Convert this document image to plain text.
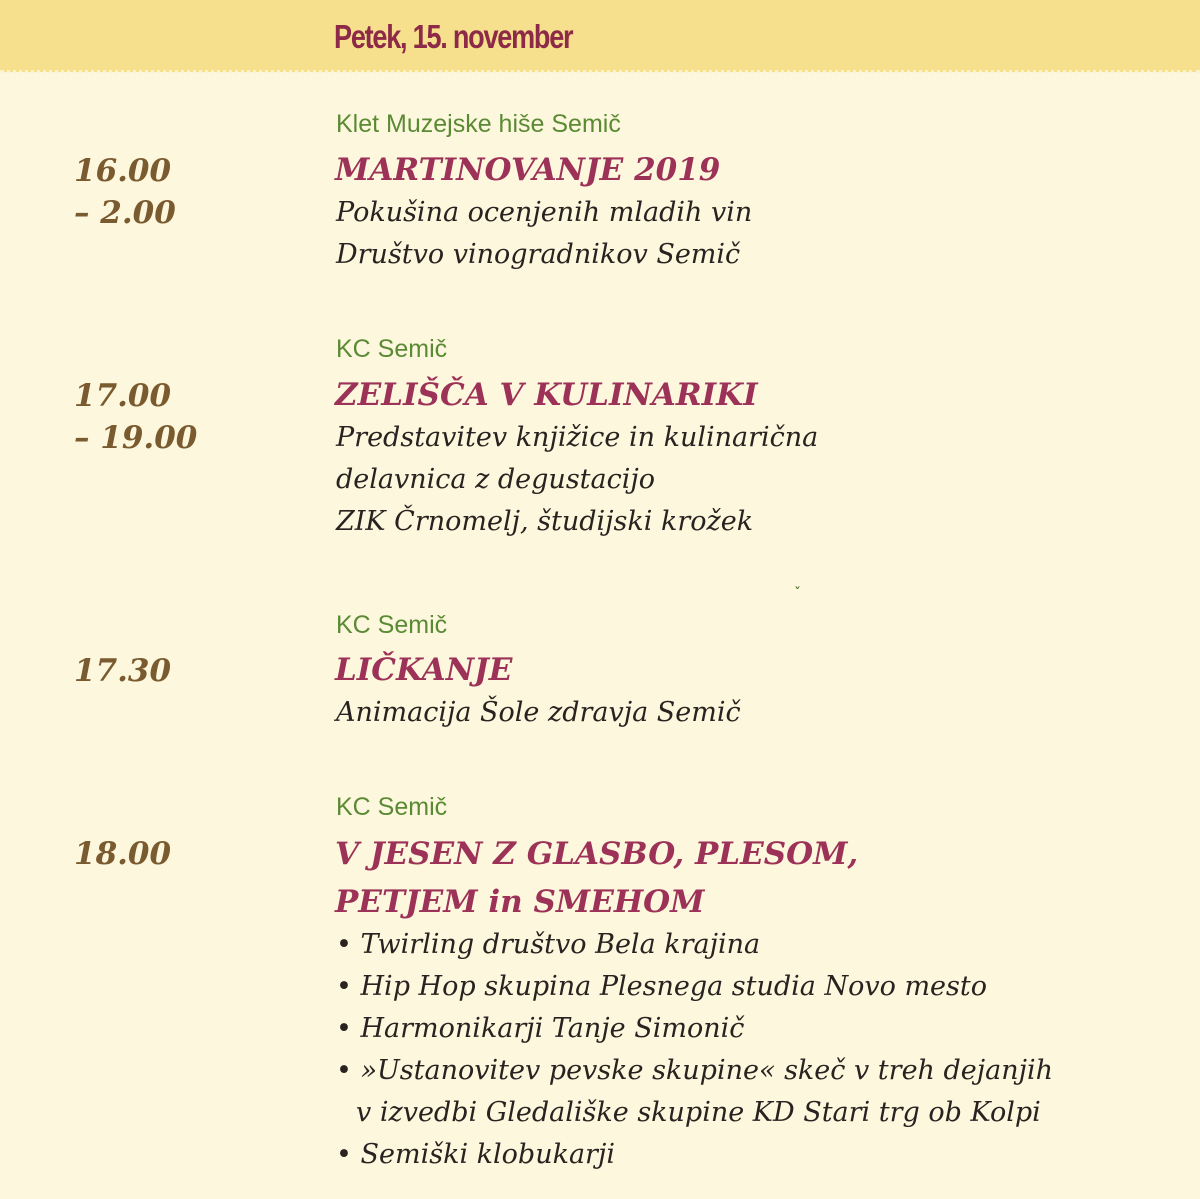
Petek, 15. november
Klet Muzejske hiše Semič
16.00
– 2.00
MARTINOVANJE 2019
Pokušina ocenjenih mladih vin
Društvo vinogradnikov Semič
KC Semič
17.00
– 19.00
ZELIŠČA V KULINARIKI
Predstavitev knjižice in kulinarična
delavnica z degustacijo
ZIK Črnomelj, študijski krožek
ˇ
KC Semič
17.30	LIČKANJE
Animacija Šole zdravja Semič
KC Semič
18.00	V JESEN Z GLASBO, PLESOM,
PETJEM in SMEHOM
• Twirling društvo Bela krajina
• Hip Hop skupina Plesnega studia Novo mesto
• Harmonikarji Tanje Simonič
• »Ustanovitev pevske skupine« skeč v treh dejanjih
v izvedbi Gledališke skupine KD Stari trg ob Kolpi
• Semiški klobukarji
